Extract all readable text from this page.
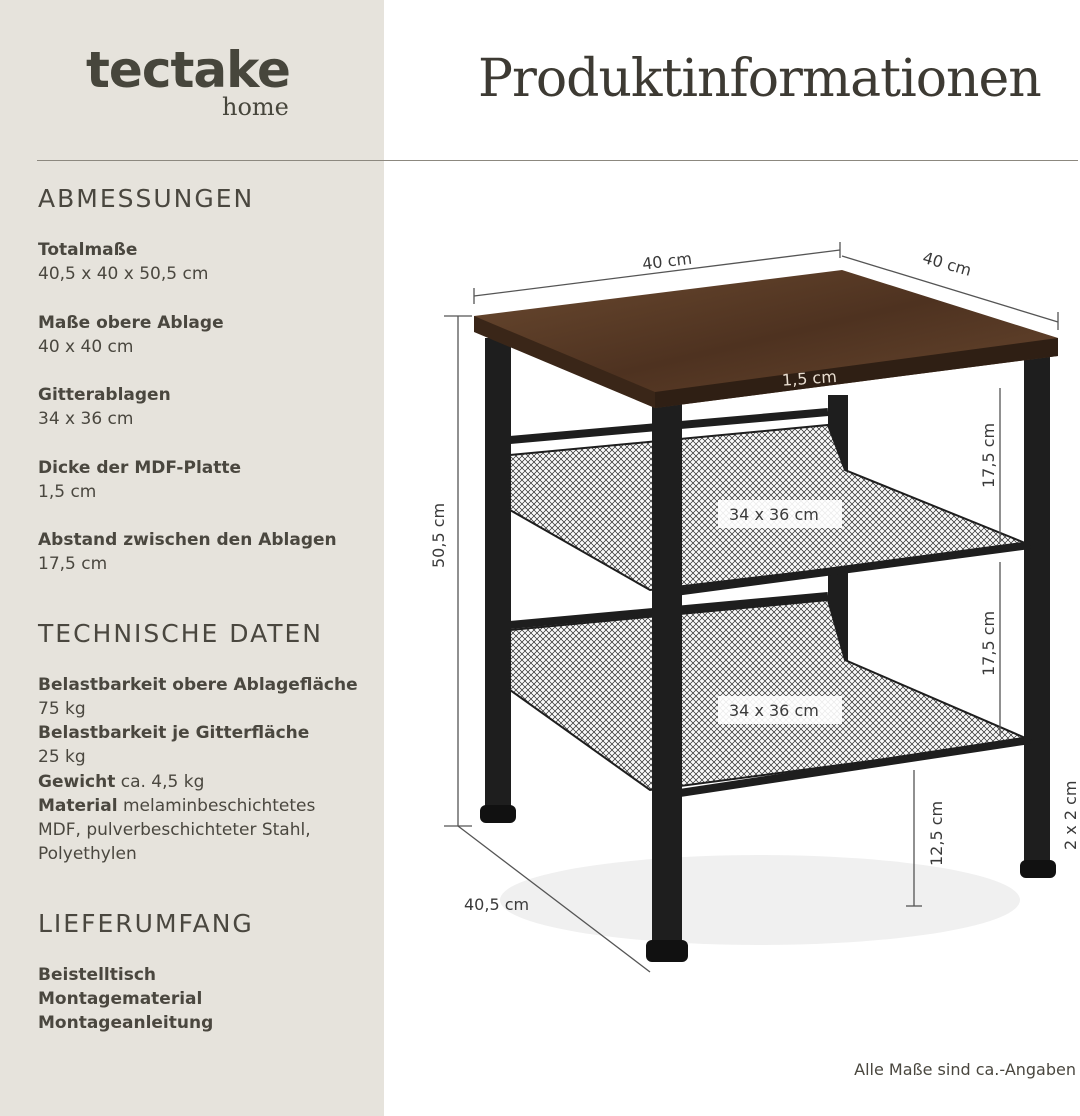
tectake
home	Produktinformationen
ABMESSUNGEN
Totalmaße
40,5 x 40 x 50,5 cm
Maße obere Ablage
40 x 40 cm
Gitterablagen
34 x 36 cm
Dicke der MDF-Platte
1,5 cm
Abstand zwischen den Ablagen
17,5 cm
TECHNISCHE DATEN
Belastbarkeit obere Ablagefläche
75 kg
Belastbarkeit je Gitterfläche
25 kg
Gewicht ca. 4,5 kg
Material melaminbeschichtetes MDF, pulverbeschichteter Stahl, Polyethylen
LIEFERUMFANG
Beistelltisch
Montagematerial
Montageanleitung
40 cm	40 cm
1,5 cm
50,5 cm
17,5 cm
17,5 cm
34 x 36 cm
34 x 36 cm
12,5 cm	2 x 2 cm
40,5 cm
Alle Maße sind ca.-Angaben
